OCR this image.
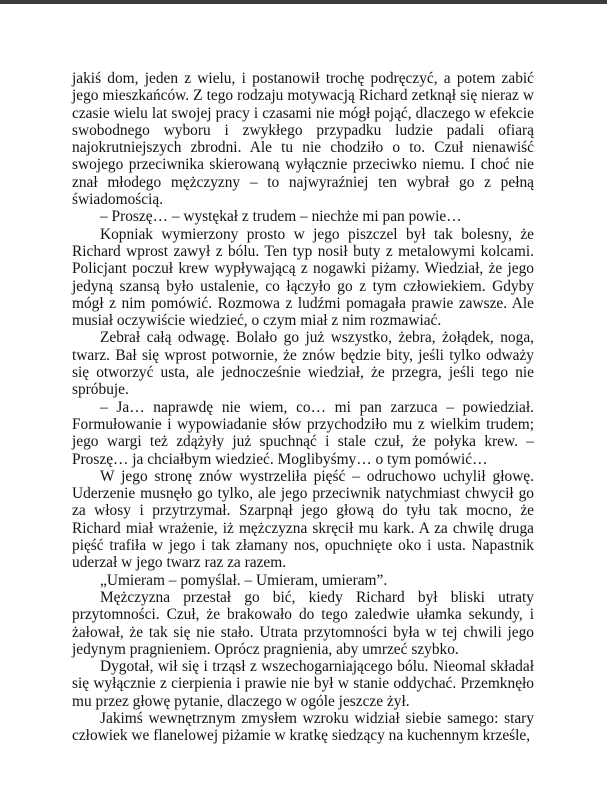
jakiś dom, jeden z wielu, i postanowił trochę podręczyć, a potem zabić jego mieszkańców. Z tego rodzaju motywacją Richard zetknął się nieraz w czasie wielu lat swojej pracy i czasami nie mógł pojąć, dlaczego w efekcie swobodnego wyboru i zwykłego przypadku ludzie padali ofiarą najokrutniejszych zbrodni. Ale tu nie chodziło o to. Czuł nienawiść swojego przeciwnika skierowaną wyłącznie przeciwko niemu. I choć nie znał młodego mężczyzny – to najwyraźniej ten wybrał go z pełną świadomością.

– Proszę… – wystękał z trudem – niechże mi pan powie…

Kopniak wymierzony prosto w jego piszczel był tak bolesny, że Richard wprost zawył z bólu. Ten typ nosił buty z metalowymi kolcami. Policjant poczuł krew wypływającą z nogawki piżamy. Wiedział, że jego jedyną szansą było ustalenie, co łączyło go z tym człowiekiem. Gdyby mógł z nim pomówić. Rozmowa z ludźmi pomagała prawie zawsze. Ale musiał oczywiście wiedzieć, o czym miał z nim rozmawiać.

Zebrał całą odwagę. Bolało go już wszystko, żebra, żołądek, noga, twarz. Bał się wprost potwornie, że znów będzie bity, jeśli tylko odważy się otworzyć usta, ale jednocześnie wiedział, że przegra, jeśli tego nie spróbuje.

– Ja… naprawdę nie wiem, co… mi pan zarzuca – powiedział. Formułowanie i wypowiadanie słów przychodziło mu z wielkim trudem; jego wargi też zdążyły już spuchnąć i stale czuł, że połyka krew. – Proszę… ja chciałbym wiedzieć. Moglibyśmy… o tym pomówić…

W jego stronę znów wystrzeliła pięść – odruchowo uchylił głowę. Uderzenie musnęło go tylko, ale jego przeciwnik natychmiast chwycił go za włosy i przytrzymał. Szarpnął jego głową do tyłu tak mocno, że Richard miał wrażenie, iż mężczyzna skręcił mu kark. A za chwilę druga pięść trafiła w jego i tak złamany nos, opuchnięte oko i usta. Napastnik uderzał w jego twarz raz za razem.

„Umieram – pomyślał. – Umieram, umieram”.

Mężczyzna przestał go bić, kiedy Richard był bliski utraty przytomności. Czuł, że brakowało do tego zaledwie ułamka sekundy, i żałował, że tak się nie stało. Utrata przytomności była w tej chwili jego jedynym pragnieniem. Oprócz pragnienia, aby umrzeć szybko.

Dygotał, wił się i trząsł z wszechogarniającego bólu. Nieomal składał się wyłącznie z cierpienia i prawie nie był w stanie oddychać. Przemknęło mu przez głowę pytanie, dlaczego w ogóle jeszcze żył.

Jakimś wewnętrznym zmysłem wzroku widział siebie samego: stary człowiek we flanelowej piżamie w kratkę siedzący na kuchennym krześle,
